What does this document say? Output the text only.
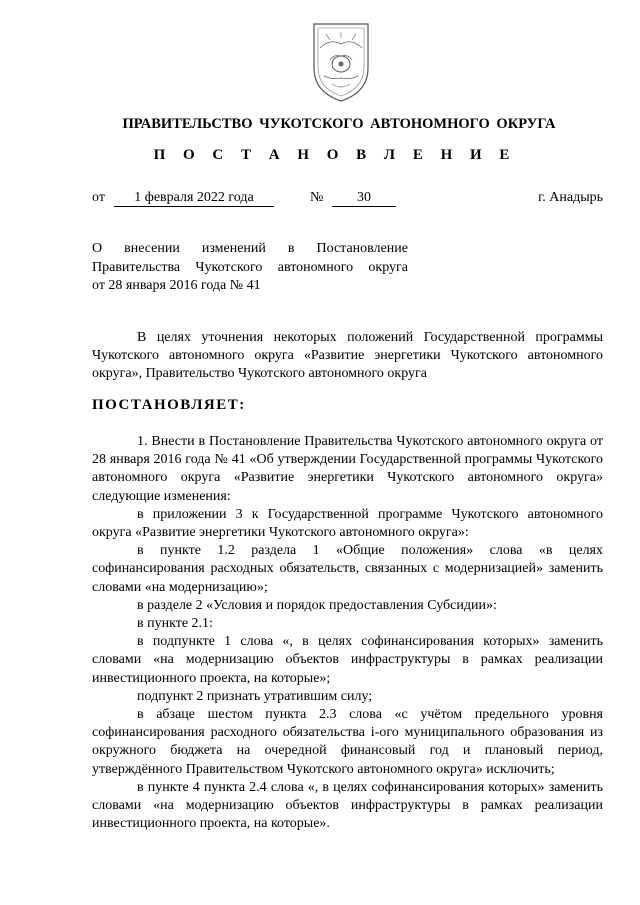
ПРАВИТЕЛЬСТВО ЧУКОТСКОГО АВТОНОМНОГО ОКРУГА
П О С Т А Н О В Л Е Н И Е
от	1 февраля 2022 года	№	30	г. Анадырь
О внесении изменений в Постановление
Правительства Чукотского автономного округа
от 28 января 2016 года № 41

В целях уточнения некоторых положений Государственной программы Чукотского автономного округа «Развитие энергетики Чукотского автономного округа», Правительство Чукотского автономного округа

ПОСТАНОВЛЯЕТ:

1. Внести в Постановление Правительства Чукотского автономного округа от 28 января 2016 года № 41 «Об утверждении Государственной программы Чукотского автономного округа «Развитие энергетики Чукотского автономного округа» следующие изменения:

в приложении 3 к Государственной программе Чукотского автономного округа «Развитие энергетики Чукотского автономного округа»:

в пункте 1.2 раздела 1 «Общие положения» слова «в целях софинансирования расходных обязательств, связанных с модернизацией» заменить словами «на модернизацию»;

в разделе 2 «Условия и порядок предоставления Субсидии»:

в пункте 2.1:

в подпункте 1 слова «, в целях софинансирования которых» заменить словами «на модернизацию объектов инфраструктуры в рамках реализации инвестиционного проекта, на которые»;

подпункт 2 признать утратившим силу;

в абзаце шестом пункта 2.3 слова «с учётом предельного уровня софинансирования расходного обязательства i-ого муниципального образования из окружного бюджета на очередной финансовый год и плановый период, утверждённого Правительством Чукотского автономного округа» исключить;

в пункте 4 пункта 2.4 слова «, в целях софинансирования которых» заменить словами «на модернизацию объектов инфраструктуры в рамках реализации инвестиционного проекта, на которые».
